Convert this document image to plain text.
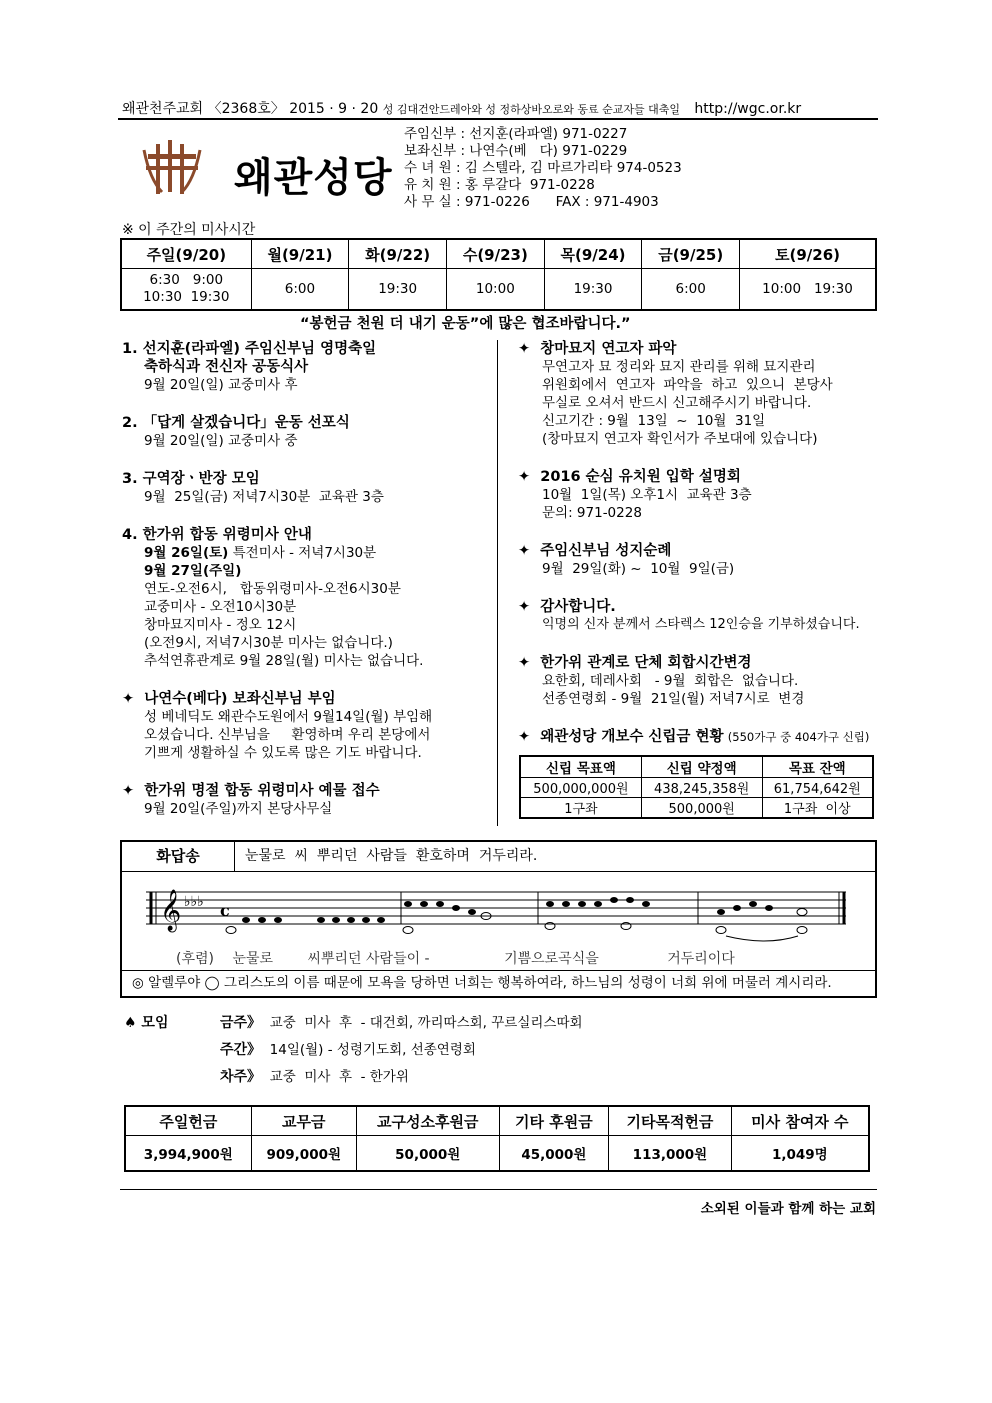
왜관천주교회 〈2368호〉 2015 · 9 · 20 성 김대건안드레아와 성 정하상바오로와 동료 순교자들 대축일 http://wgc.or.kr
왜관성당
주임신부 : 선지훈(라파엘) 971-0227
보좌신부 : 나연수(베   다) 971-0229
수 녀 원 : 김 스텔라, 김 마르가리타 974-0523
유 치 원 : 홍 루갈다  971-0228
사 무 실 : 971-0226      FAX : 971-4903
※ 이 주간의 미사시간
주일(9/20)	월(9/21)	화(9/22)	수(9/23)	목(9/24)	금(9/25)	토(9/26)

6:30   9:00
10:30  19:30	6:00	19:30	10:00	19:30	6:00	10:00   19:30
“봉헌금 천원 더 내기 운동”에 많은 협조바랍니다.”
1. 선지훈(라파엘) 주임신부님 영명축일
축하식과 전신자 공동식사
9월 20일(일) 교중미사 후
2. 「답게 살겠습니다」운동 선포식
9월 20일(일) 교중미사 중
3. 구역장ㆍ반장 모임
9월  25일(금) 저녁7시30분  교육관 3층
4. 한가위 합동 위령미사 안내
9월 26일(토) 특전미사 - 저녁7시30분
9월 27일(주일)
연도-오전6시,   합동위령미사-오전6시30분
교중미사 - 오전10시30분
창마묘지미사 - 정오 12시
(오전9시, 저녁7시30분 미사는 없습니다.)
추석연휴관계로 9월 28일(월) 미사는 없습니다.
✦  나연수(베다) 보좌신부님 부임
성 베네딕도 왜관수도원에서 9월14일(월) 부임해
오셨습니다. 신부님을     환영하며 우리 본당에서
기쁘게 생활하실 수 있도록 많은 기도 바랍니다.
✦  한가위 명절 합동 위령미사 예물 접수
9월 20일(주일)까지 본당사무실
✦  창마묘지 연고자 파악
무연고자 묘 정리와 묘지 관리를 위해 묘지관리
위원회에서  연고자  파악을  하고  있으니  본당사
무실로 오셔서 반드시 신고해주시기 바랍니다.
신고기간 : 9월  13일  ~  10월  31일
(창마묘지 연고자 확인서가 주보대에 있습니다)
✦  2016 순심 유치원 입학 설명회
10월  1일(목) 오후1시  교육관 3층
문의: 971-0228
✦  주임신부님 성지순례
9월  29일(화) ~  10월  9일(금)
✦  감사합니다.
익명의 신자 분께서 스타렉스 12인승을 기부하셨습니다.
✦  한가위 관계로 단체 회합시간변경
요한회, 데레사회   - 9월  회합은  없습니다.
선종연령회 - 9월  21일(월) 저녁7시로  변경
✦  왜관성당 개보수 신립금 현황 (550가구 중 404가구 신립)
신립 목표액	신립 약정액	목표 잔액
500,000,000원	438,245,358원	61,754,642원
1구좌	500,000원	1구좌  이상
화답송	눈물로  씨  뿌리던  사람들  환호하며  거두리라.
𝄞 ♭♭♭ c
(후렴) 눈물로 씨뿌리던 사람들이 -	기쁨으로곡식을	거두리이다
◎ 알렐루야 ◯ 그리스도의 이름 때문에 모욕을 당하면 너희는 행복하여라, 하느님의 성령이 너희 위에 머물러 계시리라.
♠ 모임	금주》 교중  미사  후  - 대건회, 까리따스회, 꾸르실리스따회
주간》 14일(월) - 성령기도회, 선종연령회
차주》 교중  미사  후  - 한가위
주일헌금	교무금	교구성소후원금	기타 후원금	기타목적헌금	미사 참여자 수
3,994,900원	909,000원	50,000원	45,000원	113,000원	1,049명
소외된 이들과 함께 하는 교회
